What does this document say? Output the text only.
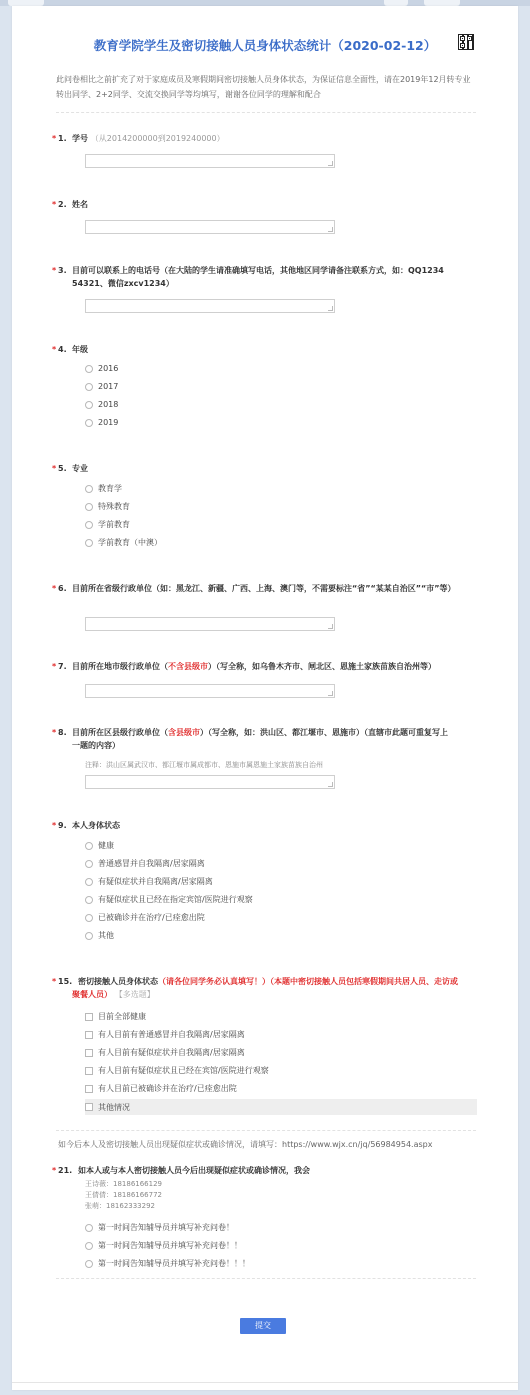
教育学院学生及密切接触人员身体状态统计（2020-02-12）
此问卷相比之前扩充了对于家庭成员及寒假期间密切接触人员身体状态，为保证信息全面性，请在2019年12月转专业转出同学、2+2同学、交流交换同学等均填写，谢谢各位同学的理解和配合
* 1. 学号 （从2014200000到2019240000）
* 2. 姓名
* 3. 目前可以联系上的电话号（在大陆的学生请准确填写电话，其他地区同学请备注联系方式，如：QQ1234 54321、微信zxcv1234）
* 4. 年级
2016
2017
2018
2019
* 5. 专业
教育学
特殊教育
学前教育
学前教育（中澳）
* 6. 目前所在省级行政单位（如：黑龙江、新疆、广西、上海、澳门等，不需要标注“省”“某某自治区”“市”等）
* 7. 目前所在地市级行政单位（不含县级市）（写全称，如乌鲁木齐市、闸北区、恩施土家族苗族自治州等）
* 8. 目前所在区县级行政单位（含县级市）（写全称，如：洪山区、都江堰市、恩施市）（直辖市此题可重复写上一题的内容）
注释：洪山区属武汉市、都江堰市属成都市、恩施市属恩施土家族苗族自治州
* 9. 本人身体状态
健康
普通感冒并自我隔离/居家隔离
有疑似症状并自我隔离/居家隔离
有疑似症状且已经在指定宾馆/医院进行观察
已被确诊并在治疗/已痊愈出院
其他
* 15. 密切接触人员身体状态（请各位同学务必认真填写！）（本题中密切接触人员包括寒假期间共居人员、走访或聚餐人员） 【多选题】
目前全部健康
有人目前有普通感冒并自我隔离/居家隔离
有人目前有疑似症状并自我隔离/居家隔离
有人目前有疑似症状且已经在宾馆/医院进行观察
有人目前已被确诊并在治疗/已痊愈出院
其他情况
如今后本人及密切接触人员出现疑似症状或确诊情况，请填写：https://www.wjx.cn/jq/56984954.aspx
* 21. 如本人或与本人密切接触人员今后出现疑似症状或确诊情况，我会
王诗薇：18186166129
王倩倩：18186166772
张萌：18162333292
第一时间告知辅导员并填写补充问卷！
第一时间告知辅导员并填写补充问卷！！
第一时间告知辅导员并填写补充问卷！！！
提交
